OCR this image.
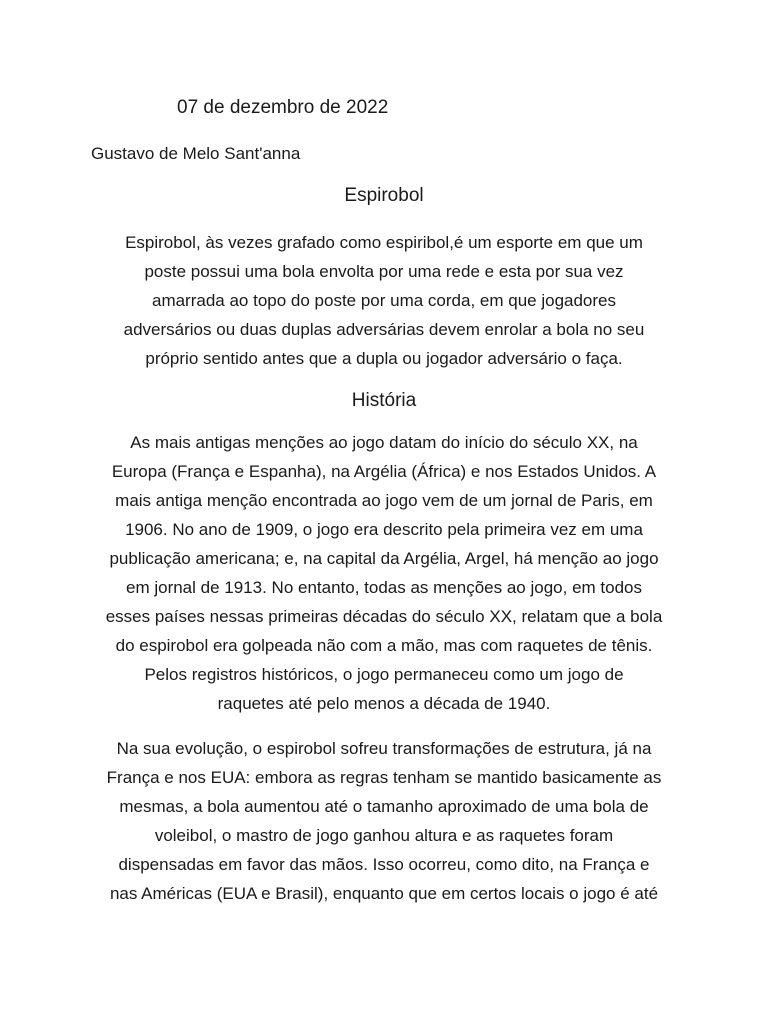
07 de dezembro de 2022
Gustavo de Melo Sant'anna
Espirobol
Espirobol, às vezes grafado como espiribol,é um esporte em que um
poste possui uma bola envolta por uma rede e esta por sua vez
amarrada ao topo do poste por uma corda, em que jogadores
adversários ou duas duplas adversárias devem enrolar a bola no seu
próprio sentido antes que a dupla ou jogador adversário o faça.
História
As mais antigas menções ao jogo datam do início do século XX, na
Europa (França e Espanha), na Argélia (África) e nos Estados Unidos. A
mais antiga menção encontrada ao jogo vem de um jornal de Paris, em
1906. No ano de 1909, o jogo era descrito pela primeira vez em uma
publicação americana; e, na capital da Argélia, Argel, há menção ao jogo
em jornal de 1913. No entanto, todas as menções ao jogo, em todos
esses países nessas primeiras décadas do século XX, relatam que a bola
do espirobol era golpeada não com a mão, mas com raquetes de tênis.
Pelos registros históricos, o jogo permaneceu como um jogo de
raquetes até pelo menos a década de 1940.
Na sua evolução, o espirobol sofreu transformações de estrutura, já na
França e nos EUA: embora as regras tenham se mantido basicamente as
mesmas, a bola aumentou até o tamanho aproximado de uma bola de
voleibol, o mastro de jogo ganhou altura e as raquetes foram
dispensadas em favor das mãos. Isso ocorreu, como dito, na França e
nas Américas (EUA e Brasil), enquanto que em certos locais o jogo é até
